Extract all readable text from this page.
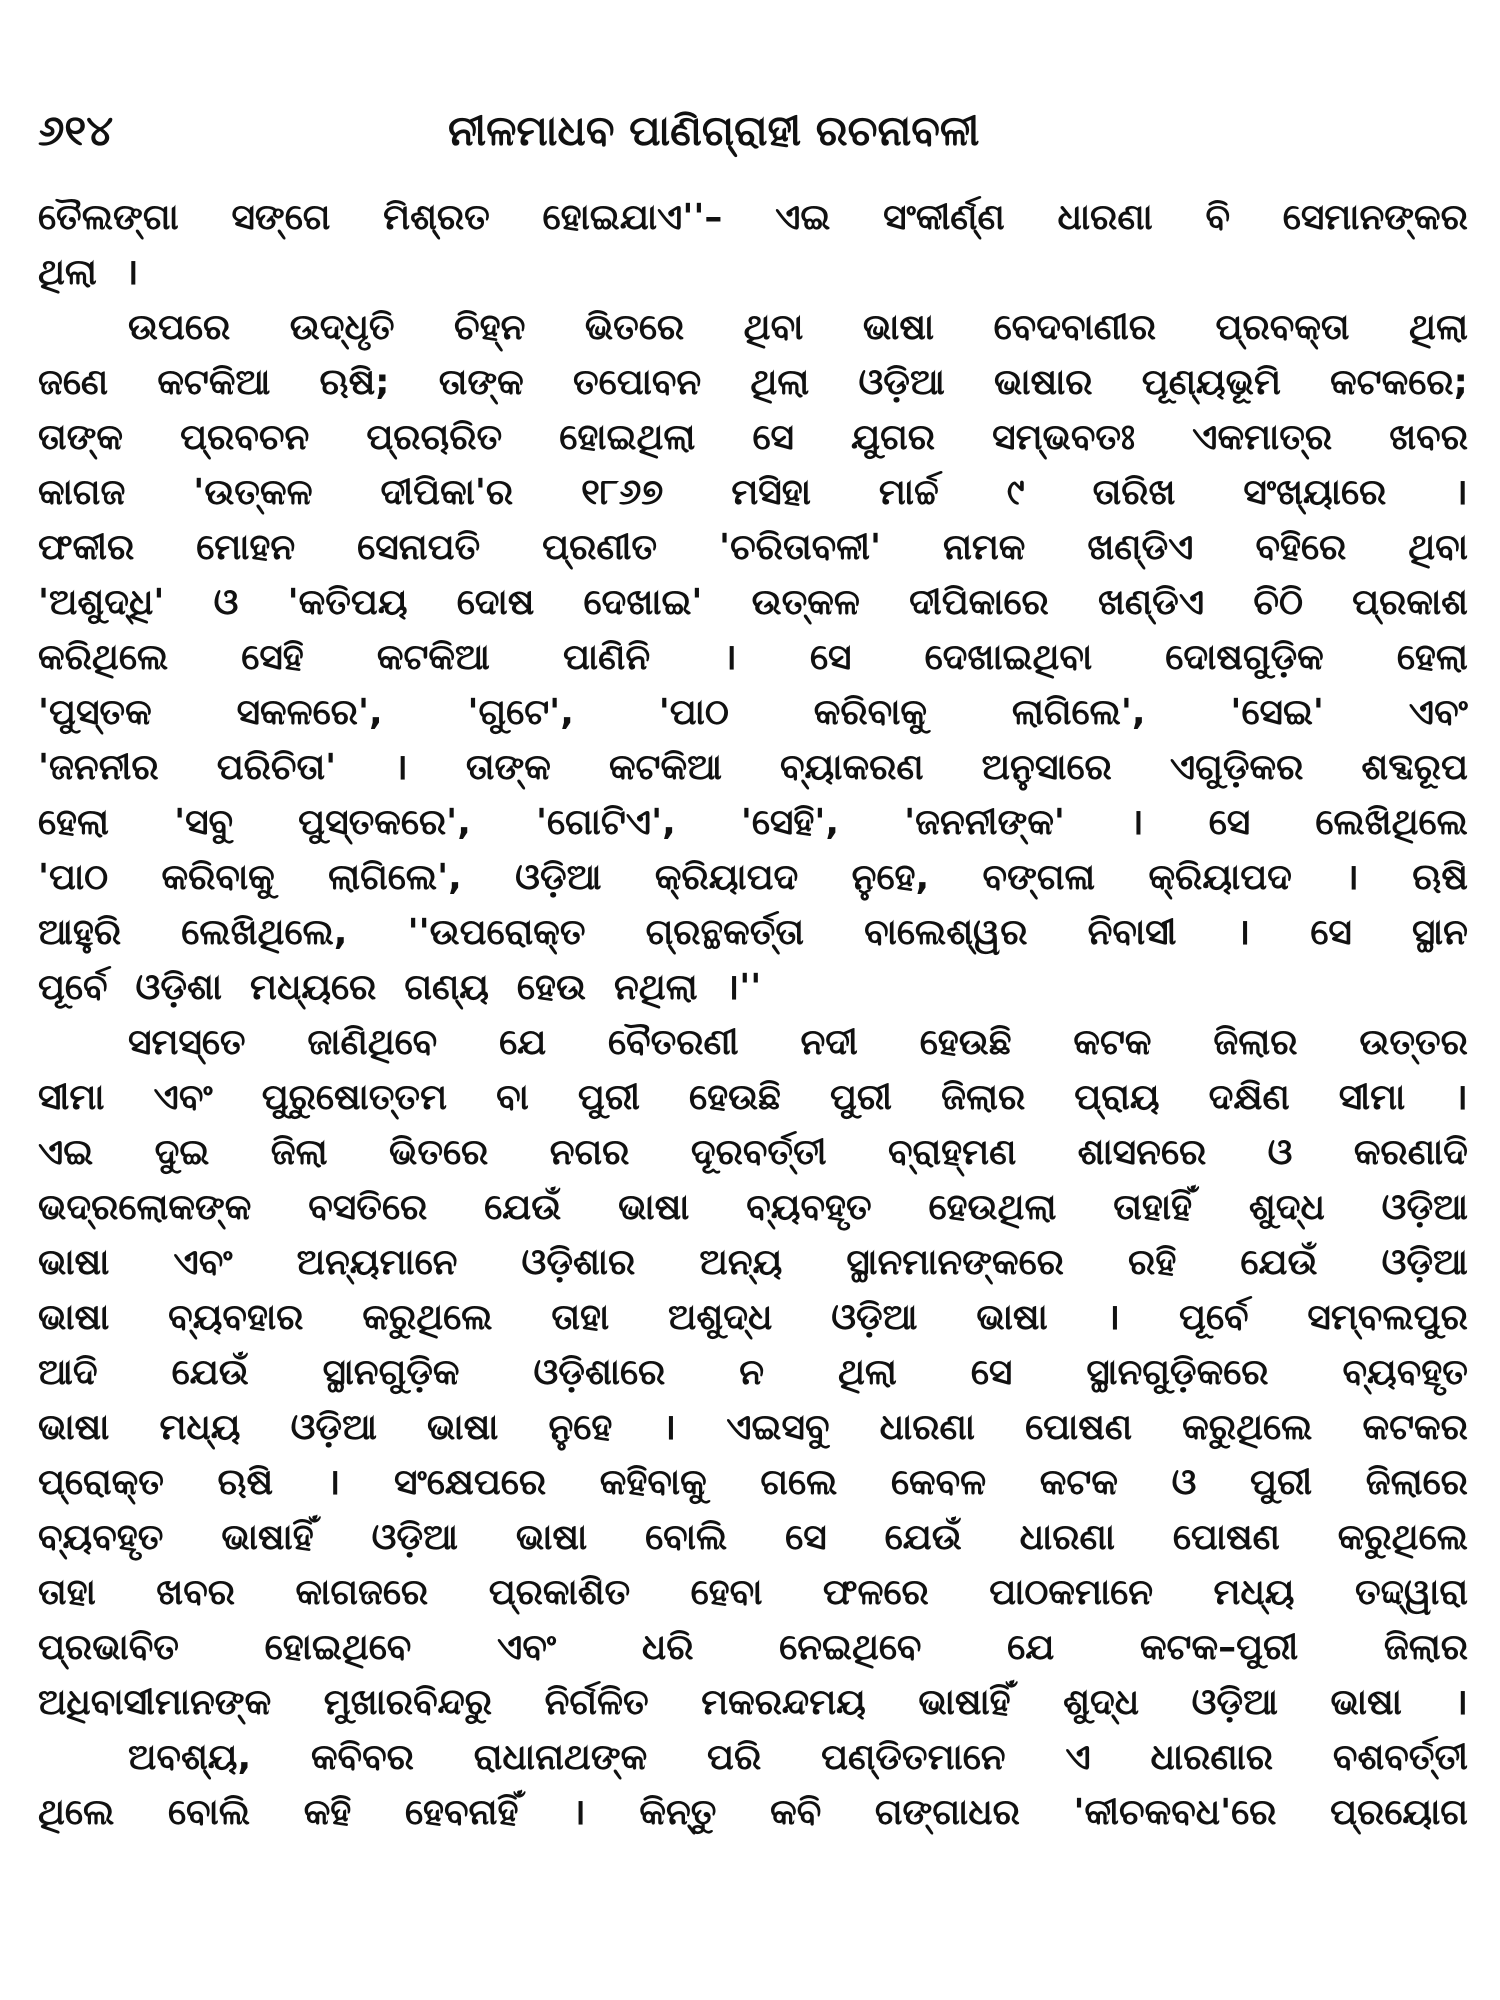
୬୧୪	ନୀଳମାଧବ ପାଣିଗ୍ରାହୀ ରଚନାବଳୀ
ତୈଲଙ୍ଗା ସଙ୍ଗେ ମିଶ୍ରତ ହୋଇଯାଏ''– ଏଇ ସଂକୀର୍ଣ୍ଣ ଧାରଣା ବି ସେମାନଙ୍କର
ଥିଲା ।
ଉପରେ ଉଦ୍ଧୃତି ଚିହ୍ନ ଭିତରେ ଥିବା ଭାଷା ବେଦବାଣୀର ପ୍ରବକ୍ତା ଥିଲା
ଜଣେ କଟକିଆ ଋଷି; ତାଙ୍କ ତପୋବନ ଥିଲା ଓଡ଼ିଆ ଭାଷାର ପୂଣ୍ୟଭୂମି କଟକରେ;
ତାଙ୍କ ପ୍ରବଚନ ପ୍ରଚାରିତ ହୋଇଥିଲା ସେ ଯୁଗର ସମ୍ଭବତଃ ଏକମାତ୍ର ଖବର
କାଗଜ 'ଉତ୍କଳ ଦୀପିକା'ର ୧୮୬୭ ମସିହା ମାର୍ଚ୍ଚ ୯ ତାରିଖ ସଂଖ୍ୟାରେ ।
ଫକୀର ମୋହନ ସେନାପତି ପ୍ରଣୀତ 'ଚରିତାବଳୀ' ନାମକ ଖଣ୍ଡିଏ ବହିରେ ଥିବା
'ଅଶୁଦ୍ଧି' ଓ 'କତିପୟ ଦୋଷ ଦେଖାଇ' ଉତ୍କଳ ଦୀପିକାରେ ଖଣ୍ଡିଏ ଚିଠି ପ୍ରକାଶ
କରିଥିଲେ ସେହି କଟକିଆ ପାଣିନି । ସେ ଦେଖାଇଥିବା ଦୋଷଗୁଡ଼ିକ ହେଲା
'ପୁସ୍ତକ ସକଳରେ', 'ଗୁଟେ', 'ପାଠ କରିବାକୁ ଲାଗିଲେ', 'ସେଇ' ଏବଂ
'ଜନନୀର ପରିଚିତା' । ତାଙ୍କ କଟକିଆ ବ୍ୟାକରଣ ଅନୁସାରେ ଏଗୁଡ଼ିକର ଶବ୍ଦରୂପ
ହେଲା 'ସବୁ ପୁସ୍ତକରେ', 'ଗୋଟିଏ', 'ସେହି', 'ଜନନୀଙ୍କ' । ସେ ଲେଖିଥିଲେ
'ପାଠ କରିବାକୁ ଲାଗିଲେ', ଓଡ଼ିଆ କ୍ରିୟାପଦ ନୁହେ, ବଙ୍ଗଳା କ୍ରିୟାପଦ । ଋଷି
ଆହୁରି ଲେଖିଥିଲେ, ''ଉପରୋକ୍ତ ଗ୍ରନ୍ଥକର୍ତ୍ତା ବାଲେଶ୍ୱର ନିବାସୀ । ସେ ସ୍ଥାନ
ପୂର୍ବେ ଓଡ଼ିଶା ମଧ୍ୟରେ ଗଣ୍ୟ ହେଉ ନଥିଲା ।''
ସମସ୍ତେ ଜାଣିଥିବେ ଯେ ବୈତରଣୀ ନଦୀ ହେଉଛି କଟକ ଜିଲାର ଉତ୍ତର
ସୀମା ଏବଂ ପୁରୁଷୋତ୍ତମ ବା ପୁରୀ ହେଉଛି ପୁରୀ ଜିଲାର ପ୍ରାୟ ଦକ୍ଷିଣ ସୀମା ।
ଏଇ ଦୁଇ ଜିଲା ଭିତରେ ନଗର ଦୂରବର୍ତ୍ତୀ ବ୍ରାହ୍ମଣ ଶାସନରେ ଓ କରଣାଦି
ଭଦ୍ରଲୋକଙ୍କ ବସତିରେ ଯେଉଁ ଭାଷା ବ୍ୟବହୃତ ହେଉଥିଲା ତାହାହିଁ ଶୁଦ୍ଧ ଓଡ଼ିଆ
ଭାଷା ଏବଂ ଅନ୍ୟମାନେ ଓଡ଼ିଶାର ଅନ୍ୟ ସ୍ଥାନମାନଙ୍କରେ ରହି ଯେଉଁ ଓଡ଼ିଆ
ଭାଷା ବ୍ୟବହାର କରୁଥିଲେ ତାହା ଅଶୁଦ୍ଧ ଓଡ଼ିଆ ଭାଷା । ପୂର୍ବେ ସମ୍ବଲପୁର
ଆଦି ଯେଉଁ ସ୍ଥାନଗୁଡ଼ିକ ଓଡ଼ିଶାରେ ନ ଥିଲା ସେ ସ୍ଥାନଗୁଡ଼ିକରେ ବ୍ୟବହୃତ
ଭାଷା ମଧ୍ୟ ଓଡ଼ିଆ ଭାଷା ନୁହେ । ଏଇସବୁ ଧାରଣା ପୋଷଣ କରୁଥିଲେ କଟକର
ପ୍ରୋକ୍ତ ଋଷି । ସଂକ୍ଷେପରେ କହିବାକୁ ଗଲେ କେବଳ କଟକ ଓ ପୁରୀ ଜିଲାରେ
ବ୍ୟବହୃତ ଭାଷାହିଁ ଓଡ଼ିଆ ଭାଷା ବୋଲି ସେ ଯେଉଁ ଧାରଣା ପୋଷଣ କରୁଥିଲେ
ତାହା ଖବର କାଗଜରେ ପ୍ରକାଶିତ ହେବା ଫଳରେ ପାଠକମାନେ ମଧ୍ୟ ତଦ୍ଦ୍ୱାରା
ପ୍ରଭାବିତ ହୋଇଥିବେ ଏବଂ ଧରି ନେଇଥିବେ ଯେ କଟକ–ପୁରୀ ଜିଲାର
ଅଧିବାସୀମାନଙ୍କ ମୁଖାରବିନ୍ଦରୁ ନିର୍ଗଳିତ ମକରନ୍ଦମୟ ଭାଷାହିଁ ଶୁଦ୍ଧ ଓଡ଼ିଆ ଭାଷା ।
ଅବଶ୍ୟ, କବିବର ରାଧାନାଥଙ୍କ ପରି ପଣ୍ଡିତମାନେ ଏ ଧାରଣାର ବଶବର୍ତ୍ତୀ
ଥିଲେ ବୋଲି କହି ହେବନାହିଁ । କିନ୍ତୁ କବି ଗଙ୍ଗାଧର 'କୀଚକବଧ'ରେ ପ୍ରୟୋଗ
